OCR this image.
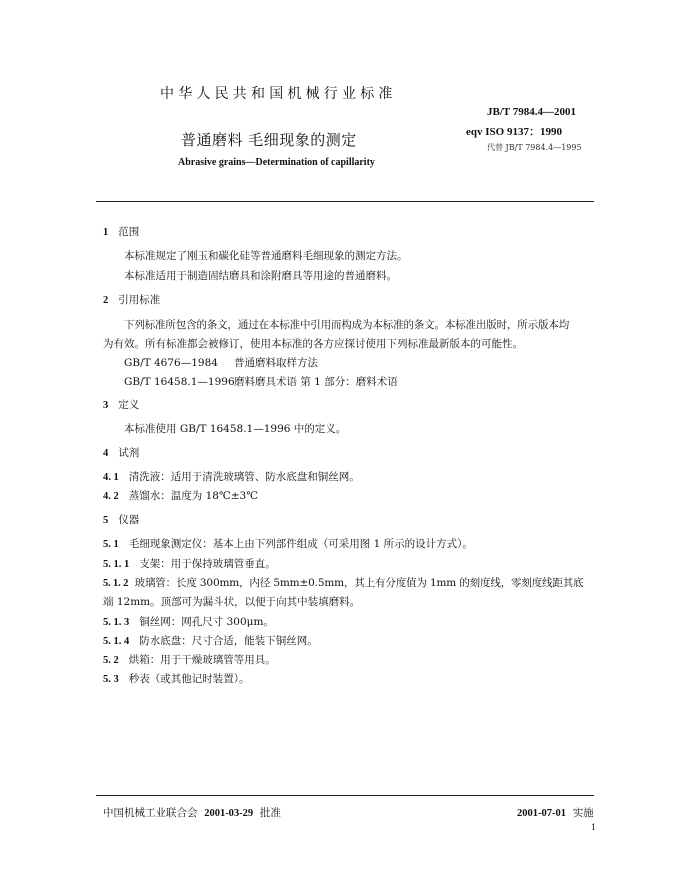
中华人民共和国机械行业标准
JB/T 7984.4—2001
eqv ISO 9137：1990
代替 JB/T 7984.4—1995
普通磨料 毛细现象的测定
Abrasive grains—Determination of capillarity
1 范围
本标准规定了刚玉和碳化硅等普通磨料毛细现象的测定方法。
本标准适用于制造固结磨具和涂附磨具等用途的普通磨料。
2 引用标准
下列标准所包含的条文，通过在本标准中引用而构成为本标准的条文。本标准出版时，所示版本均
为有效。所有标准都会被修订，使用本标准的各方应探讨使用下列标准最新版本的可能性。
GB/T 4676—1984 普通磨料取样方法
GB/T 16458.1—1996磨料磨具术语 第 1 部分：磨料术语
3 定义
本标准使用 GB/T 16458.1—1996 中的定义。
4 试剂
4. 1 清洗液：适用于清洗玻璃管、防水底盘和铜丝网。
4. 2 蒸馏水：温度为 18℃±3℃
5 仪器
5. 1 毛细现象测定仪：基本上由下列部件组成（可采用图 1 所示的设计方式）。
5. 1. 1 支架：用于保持玻璃管垂直。
5. 1. 2 玻璃管：长度 300mm，内径 5mm±0.5mm，其上有分度值为 1mm 的刻度线，零刻度线距其底
端 12mm。顶部可为漏斗状，以便于向其中装填磨料。
5. 1. 3 铜丝网：网孔尺寸 300μm。
5. 1. 4 防水底盘：尺寸合适，能装下铜丝网。
5. 2 烘箱：用于干燥玻璃管等用具。
5. 3 秒表（或其他记时装置）。
中国机械工业联合会 2001-03-29 批准	2001-07-01 实施
1
